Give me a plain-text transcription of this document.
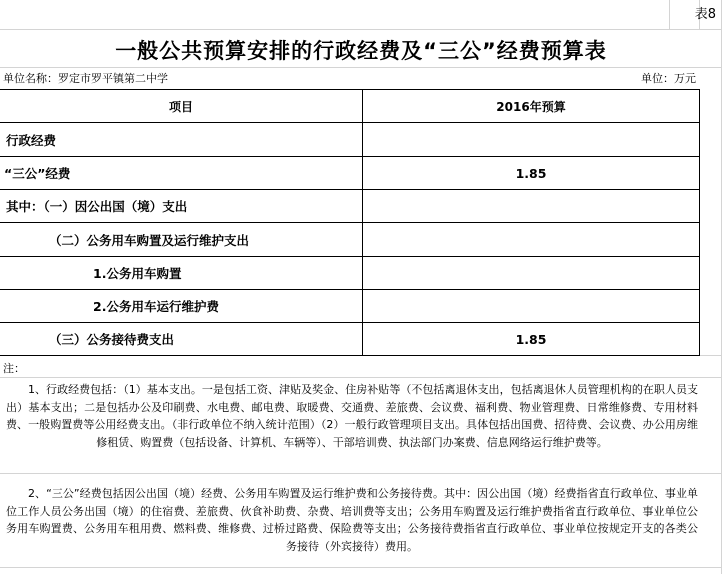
表8
一般公共预算安排的行政经费及“三公”经费预算表
单位名称：罗定市罗平镇第二中学	单位：万元
项目	2016年预算
行政经费
“三公”经费	1.85
其中：（一）因公出国（境）支出
（二）公务用车购置及运行维护支出
1.公务用车购置
2.公务用车运行维护费
（三）公务接待费支出	1.85
注：
1、行政经费包括：（1）基本支出。一是包括工资、津贴及奖金、住房补贴等（不包括离退休支出，包括离退休人员管理机构的在职人员支出）基本支出；二是包括办公及印刷费、水电费、邮电费、取暖费、交通费、差旅费、会议费、福利费、物业管理费、日常维修费、专用材料费、一般购置费等公用经费支出。（非行政单位不纳入统计范围）（2）一般行政管理项目支出。具体包括出国费、招待费、会议费、办公用房维修租赁、购置费（包括设备、计算机、车辆等）、干部培训费、执法部门办案费、信息网络运行维护费等。
2、“三公”经费包括因公出国（境）经费、公务用车购置及运行维护费和公务接待费。其中：因公出国（境）经费指省直行政单位、事业单位工作人员公务出国（境）的住宿费、差旅费、伙食补助费、杂费、培训费等支出；公务用车购置及运行维护费指省直行政单位、事业单位公务用车购置费、公务用车租用费、燃料费、维修费、过桥过路费、保险费等支出；公务接待费指省直行政单位、事业单位按规定开支的各类公务接待（外宾接待）费用。
